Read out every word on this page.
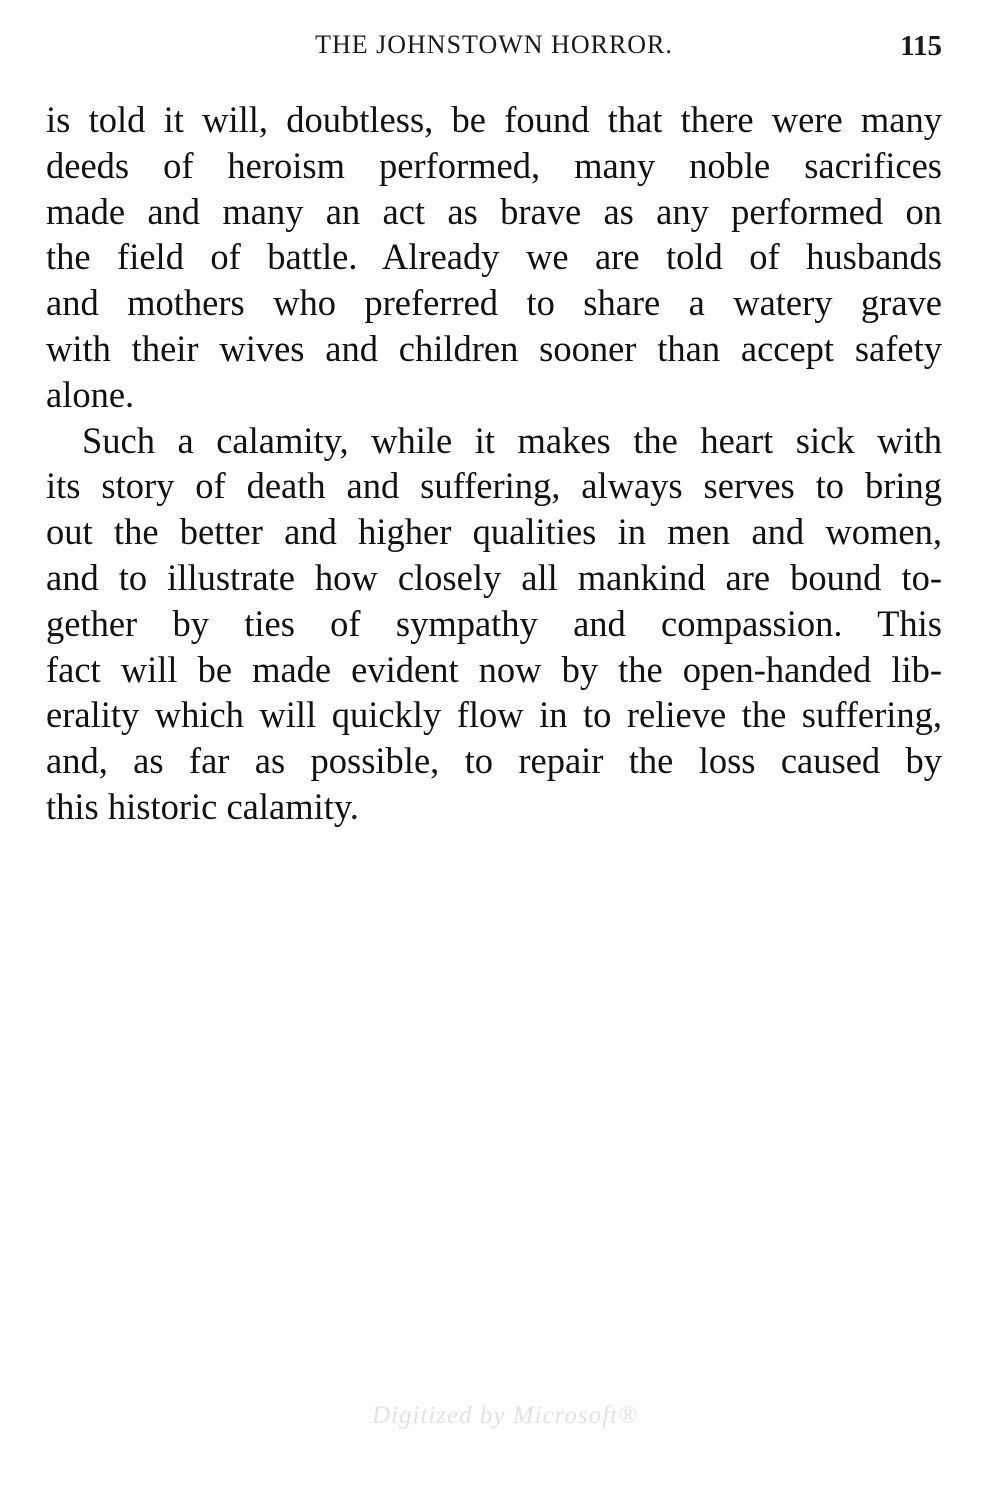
THE JOHNSTOWN HORROR.	115
is told it will, doubtless, be found that there were many
deeds of heroism performed, many noble sacrifices
made and many an act as brave as any performed on
the field of battle. Already we are told of husbands
and mothers who preferred to share a watery grave
with their wives and children sooner than accept safety
alone.
Such a calamity, while it makes the heart sick with
its story of death and suffering, always serves to bring
out the better and higher qualities in men and women,
and to illustrate how closely all mankind are bound to-
gether by ties of sympathy and compassion. This
fact will be made evident now by the open-handed lib-
erality which will quickly flow in to relieve the suffering,
and, as far as possible, to repair the loss caused by
this historic calamity.
Digitized by Microsoft®
